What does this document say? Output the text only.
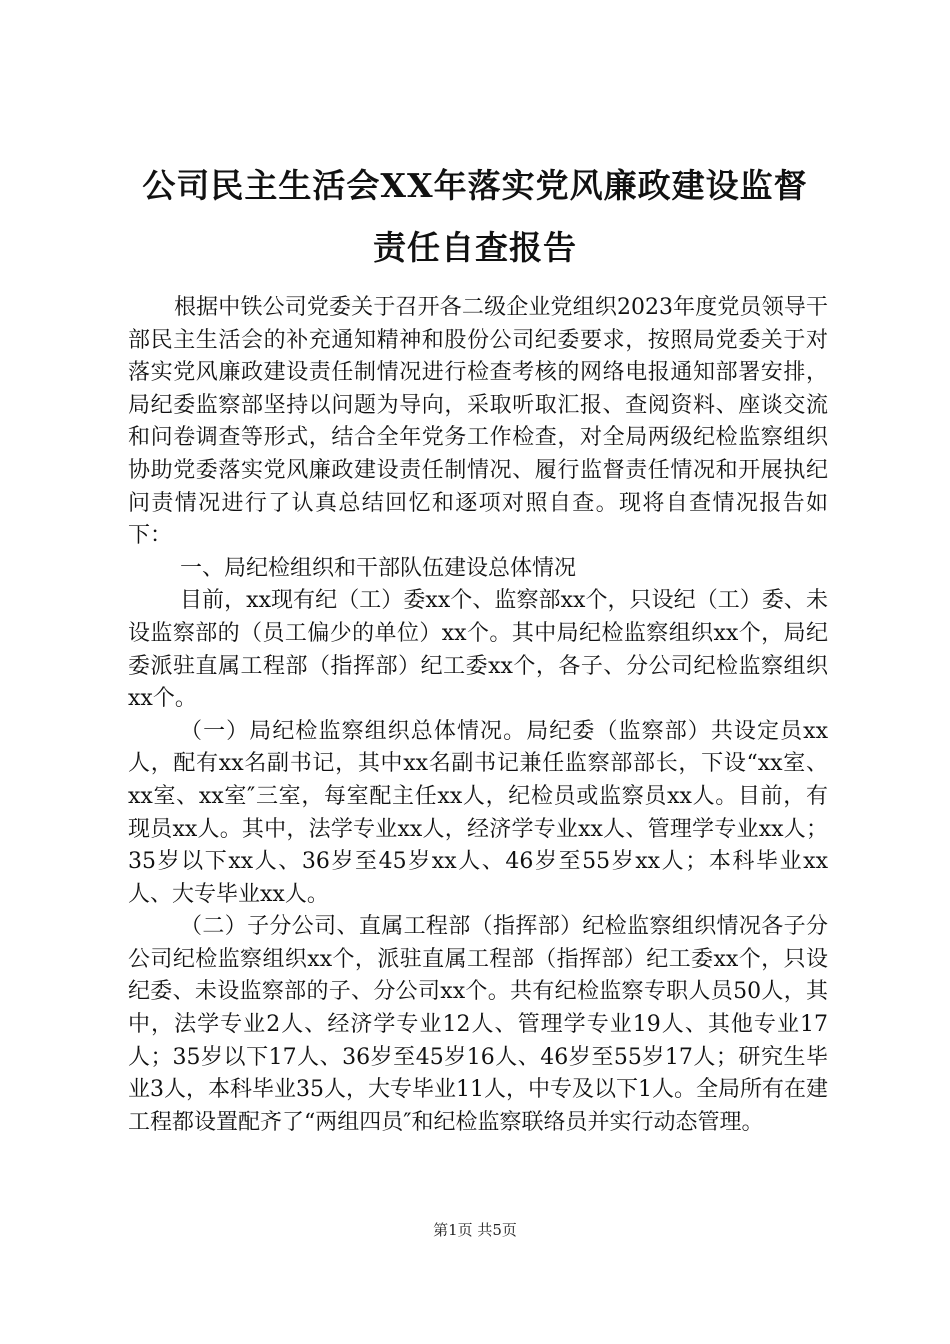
公司民主生活会XX年落实党风廉政建设监督
责任自查报告

根据中铁公司党委关于召开各二级企业党组织2023年度党员领导干部民主生活会的补充通知精神和股份公司纪委要求，按照局党委关于对落实党风廉政建设责任制情况进行检查考核的网络电报通知部署安排，局纪委监察部坚持以问题为导向，采取听取汇报、查阅资料、座谈交流和问卷调查等形式，结合全年党务工作检查，对全局两级纪检监察组织协助党委落实党风廉政建设责任制情况、履行监督责任情况和开展执纪问责情况进行了认真总结回忆和逐项对照自查。现将自查情况报告如下：

一、局纪检组织和干部队伍建设总体情况

目前，xx现有纪（工）委xx个、监察部xx个，只设纪（工）委、未设监察部的（员工偏少的单位）xx个。其中局纪检监察组织xx个，局纪委派驻直属工程部（指挥部）纪工委xx个，各子、分公司纪检监察组织xx个。

（一）局纪检监察组织总体情况。局纪委（监察部）共设定员xx人，配有xx名副书记，其中xx名副书记兼任监察部部长，下设“xx室、xx室、xx室″三室，每室配主任xx人，纪检员或监察员xx人。目前，有现员xx人。其中，法学专业xx人，经济学专业xx人、管理学专业xx人；35岁以下xx人、36岁至45岁xx人、46岁至55岁xx人；本科毕业xx人、大专毕业xx人。

（二）子分公司、直属工程部（指挥部）纪检监察组织情况各子分公司纪检监察组织xx个，派驻直属工程部（指挥部）纪工委xx个，只设纪委、未设监察部的子、分公司xx个。共有纪检监察专职人员50人，其中，法学专业2人、经济学专业12人、管理学专业19人、其他专业17人；35岁以下17人、36岁至45岁16人、46岁至55岁17人；研究生毕业3人，本科毕业35人，大专毕业11人，中专及以下1人。全局所有在建工程都设置配齐了“两组四员″和纪检监察联络员并实行动态管理。

第1页 共5页
